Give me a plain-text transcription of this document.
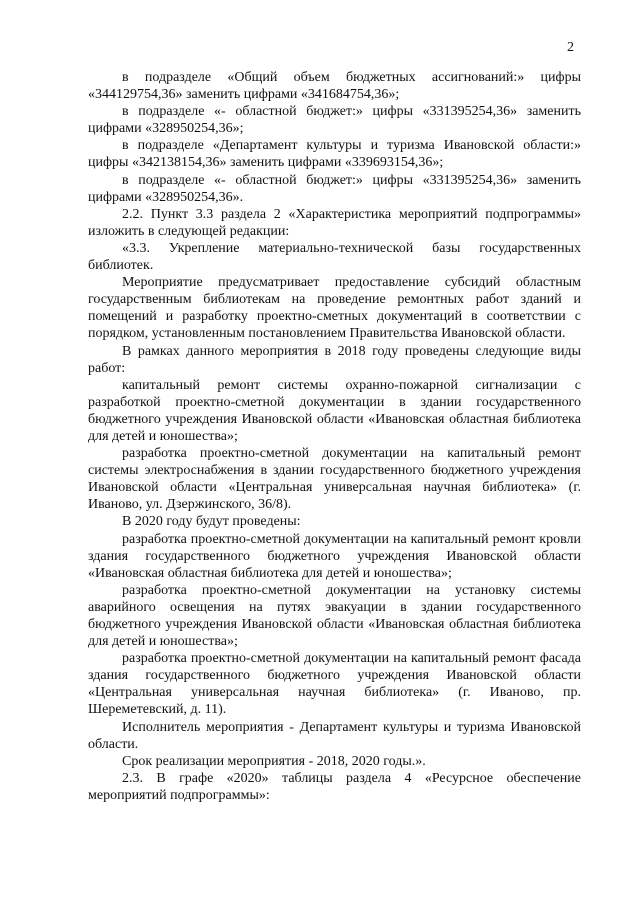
2

в подразделе «Общий объем бюджетных ассигнований:» цифры «344129754,36» заменить цифрами «341684754,36»;

в подразделе «- областной бюджет:» цифры «331395254,36» заменить цифрами «328950254,36»;

в подразделе «Департамент культуры и туризма Ивановской области:» цифры «342138154,36» заменить цифрами «339693154,36»;

в подразделе «- областной бюджет:» цифры «331395254,36» заменить цифрами «328950254,36».

2.2. Пункт 3.3 раздела 2 «Характеристика мероприятий подпрограммы» изложить в следующей редакции:

«3.3. Укрепление материально-технической базы государственных библиотек.

Мероприятие предусматривает предоставление субсидий областным государственным библиотекам на проведение ремонтных работ зданий и помещений и разработку проектно-сметных документаций в соответствии с порядком, установленным постановлением Правительства Ивановской области.

В рамках данного мероприятия в 2018 году проведены следующие виды работ:

капитальный ремонт системы охранно-пожарной сигнализации с разработкой проектно-сметной документации в здании государственного бюджетного учреждения Ивановской области «Ивановская областная библиотека для детей и юношества»;

разработка проектно-сметной документации на капитальный ремонт системы электроснабжения в здании государственного бюджетного учреждения Ивановской области «Центральная универсальная научная библиотека» (г. Иваново, ул. Дзержинского, 36/8).

В 2020 году будут проведены:

разработка проектно-сметной документации на капитальный ремонт кровли здания государственного бюджетного учреждения Ивановской области «Ивановская областная библиотека для детей и юношества»;

разработка проектно-сметной документации на установку системы аварийного освещения на путях эвакуации в здании государственного бюджетного учреждения Ивановской области «Ивановская областная библиотека для детей и юношества»;

разработка проектно-сметной документации на капитальный ремонт фасада здания государственного бюджетного учреждения Ивановской области «Центральная универсальная научная библиотека» (г. Иваново, пр. Шереметевский, д. 11).

Исполнитель мероприятия - Департамент культуры и туризма Ивановской области.

Срок реализации мероприятия - 2018, 2020 годы.».

2.3. В графе «2020» таблицы раздела 4 «Ресурсное обеспечение мероприятий подпрограммы»:
